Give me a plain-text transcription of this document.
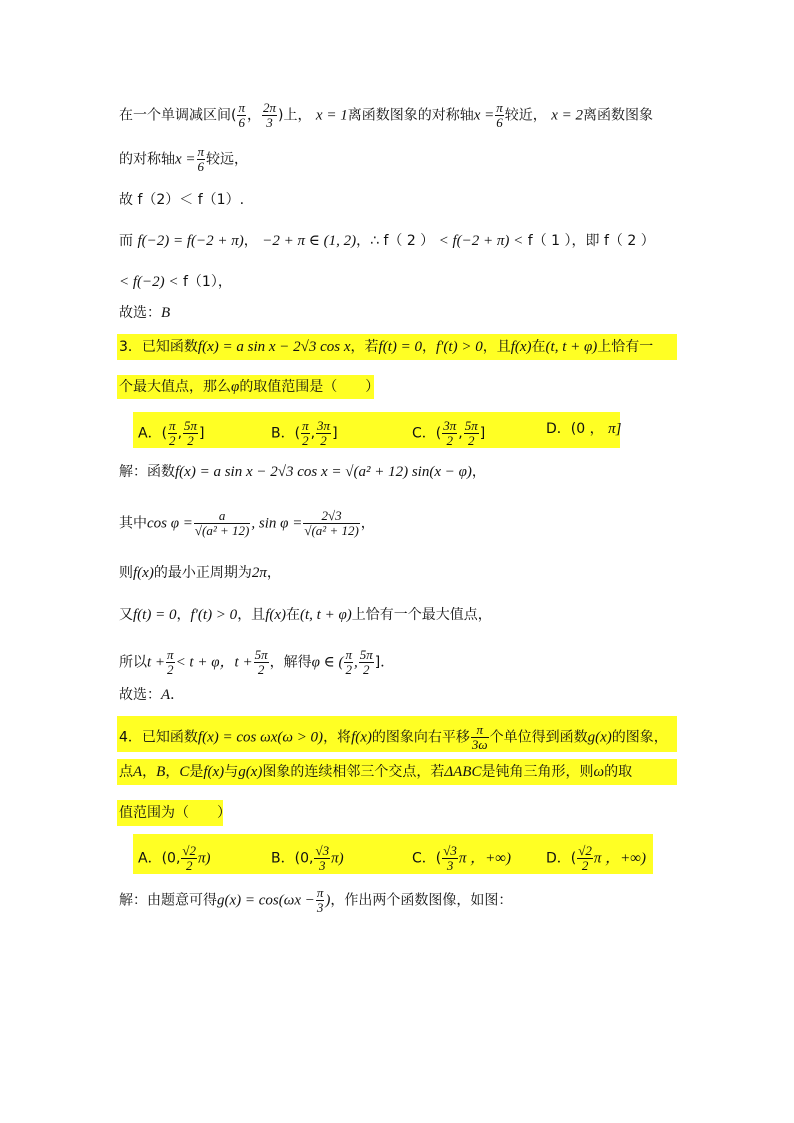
在一个单调减区间( $\frac{\pi}{6}$ ， $\frac{2\pi}{3}$ )上， x = 1离函数图象的对称轴$x = \frac{\pi}{6}$ 较近， x = 2离函数图象
的对称轴$x = \frac{\pi}{6}$ 较远，
故 f（2）＜ f（1）.
而 f(−2) = f(−2 + π)， −2 + π ∈ (1, 2)，∴ f（ 2 ） < f(−2 + π) < f（ 1 ），即 f（ 2 ）
< f(−2) < f（1），
故选：B
3．已知函数f(x) = a sin x − 2√3 cos x，若f(t) = 0，f′(t) > 0，且f(x)在(t, t + φ)上恰有一
个最大值点，那么φ的取值范围是（　　）
A．( $\frac{\pi}{2}$ , $\frac{5\pi}{2}$ ]	B．( $\frac{\pi}{2}$ , $\frac{3\pi}{2}$ ]	C．( $\frac{3\pi}{2}$ , $\frac{5\pi}{2}$ ]	D．(0 ， π]
解：函数f(x) = a sin x − 2√3 cos x = √(a² + 12) sin(x − φ)，
其中$\cos \varphi = \frac{a}{\text{√(a² + 12)}}$ , $\sin \varphi = \frac{2√3}{\text{√(a² + 12)}}$ ，
则f(x)的最小正周期为2π，
又f(t) = 0，f′(t) > 0，且f(x)在(t, t + φ)上恰有一个最大值点，
所以$t + \frac{\pi}{2} < t + \varphi$，$t + \frac{5\pi}{2}$ ，解得φ ∈ ( $\frac{\pi}{2}$ , $\frac{5\pi}{2}$ ]．
故选：A．
4．已知函数f(x) = cos ωx(ω > 0)，将f(x)的图象向右平移 $\frac{\pi}{3\omega}$ 个单位得到函数g(x)的图象，
点A，B，C是f(x)与g(x)图象的连续相邻三个交点，若ΔABC是钝角三角形，则ω的取
值范围为（　　）
A．(0, $\frac{√2}{2} \pi$)	B．(0, $\frac{√3}{3} \pi$)	C．( $\frac{√3}{3}$ π ，+∞)	D．( $\frac{√2}{2}$ π ，+∞)
解：由题意可得$g(x) = \cos(\omega x - \frac{\pi}{3}$ )，作出两个函数图像，如图：
